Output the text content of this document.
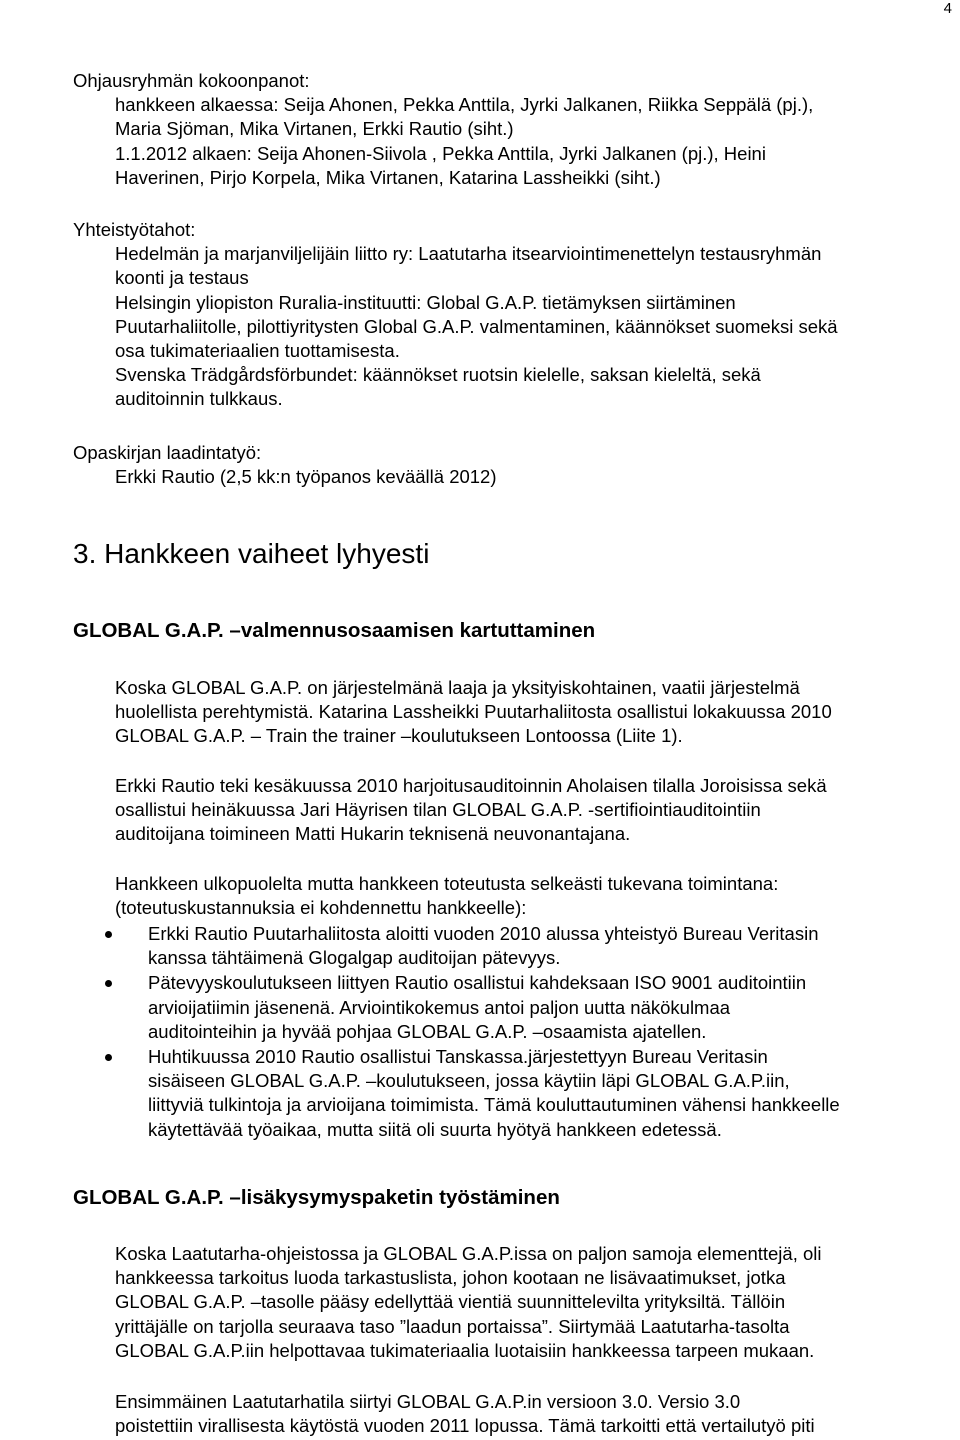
4
Ohjausryhmän kokoonpanot:
hankkeen alkaessa: Seija Ahonen, Pekka Anttila, Jyrki Jalkanen, Riikka Seppälä (pj.),
Maria Sjöman, Mika Virtanen, Erkki Rautio (siht.)
1.1.2012 alkaen: Seija Ahonen-Siivola , Pekka Anttila, Jyrki Jalkanen (pj.), Heini
Haverinen, Pirjo Korpela, Mika Virtanen, Katarina Lassheikki (siht.)
Yhteistyötahot:
Hedelmän ja marjanviljelijäin liitto ry: Laatutarha itsearviointimenettelyn testausryhmän
koonti ja testaus
Helsingin yliopiston Ruralia-instituutti: Global G.A.P. tietämyksen siirtäminen
Puutarhaliitolle, pilottiyritysten Global G.A.P. valmentaminen, käännökset suomeksi sekä
osa tukimateriaalien tuottamisesta.
Svenska Trädgårdsförbundet: käännökset ruotsin kielelle, saksan kieleltä, sekä
auditoinnin tulkkaus.
Opaskirjan laadintatyö:
Erkki Rautio (2,5 kk:n työpanos keväällä 2012)
3. Hankkeen vaiheet lyhyesti
GLOBAL G.A.P. –valmennusosaamisen kartuttaminen
Koska GLOBAL G.A.P. on järjestelmänä laaja ja yksityiskohtainen, vaatii järjestelmä
huolellista perehtymistä. Katarina Lassheikki Puutarhaliitosta osallistui lokakuussa 2010
GLOBAL G.A.P. – Train the trainer –koulutukseen Lontoossa (Liite 1).
Erkki Rautio teki kesäkuussa 2010 harjoitusauditoinnin Aholaisen tilalla Joroisissa sekä
osallistui heinäkuussa Jari Häyrisen tilan GLOBAL G.A.P. -sertifiointiauditointiin
auditoijana toimineen Matti Hukarin teknisenä neuvonantajana.
Hankkeen ulkopuolelta mutta hankkeen toteutusta selkeästi tukevana toimintana:
(toteutuskustannuksia ei kohdennettu hankkeelle):
Erkki Rautio Puutarhaliitosta aloitti vuoden 2010 alussa yhteistyö Bureau Veritasin
kanssa tähtäimenä Glogalgap auditoijan pätevyys.
Pätevyyskoulutukseen liittyen Rautio osallistui kahdeksaan ISO 9001 auditointiin
arvioijatiimin jäsenenä. Arviointikokemus antoi paljon uutta näkökulmaa
auditointeihin ja hyvää pohjaa GLOBAL G.A.P. –osaamista ajatellen.
Huhtikuussa 2010 Rautio osallistui Tanskassa.järjestettyyn Bureau Veritasin
sisäiseen GLOBAL G.A.P. –koulutukseen, jossa käytiin läpi GLOBAL G.A.P.iin,
liittyviä tulkintoja ja arvioijana toimimista. Tämä kouluttautuminen vähensi hankkeelle
käytettävää työaikaa, mutta siitä oli suurta hyötyä hankkeen edetessä.
GLOBAL G.A.P. –lisäkysymyspaketin työstäminen
Koska Laatutarha-ohjeistossa ja GLOBAL G.A.P.issa on paljon samoja elementtejä, oli
hankkeessa tarkoitus luoda tarkastuslista, johon kootaan ne lisävaatimukset, jotka
GLOBAL G.A.P. –tasolle pääsy edellyttää vientiä suunnittelevilta yrityksiltä. Tällöin
yrittäjälle on tarjolla seuraava taso ”laadun portaissa”. Siirtymää Laatutarha-tasolta
GLOBAL G.A.P.iin helpottavaa tukimateriaalia luotaisiin hankkeessa tarpeen mukaan.
Ensimmäinen Laatutarhatila siirtyi GLOBAL G.A.P.in versioon 3.0. Versio 3.0
poistettiin virallisesta käytöstä vuoden 2011 lopussa. Tämä tarkoitti että vertailutyö piti
